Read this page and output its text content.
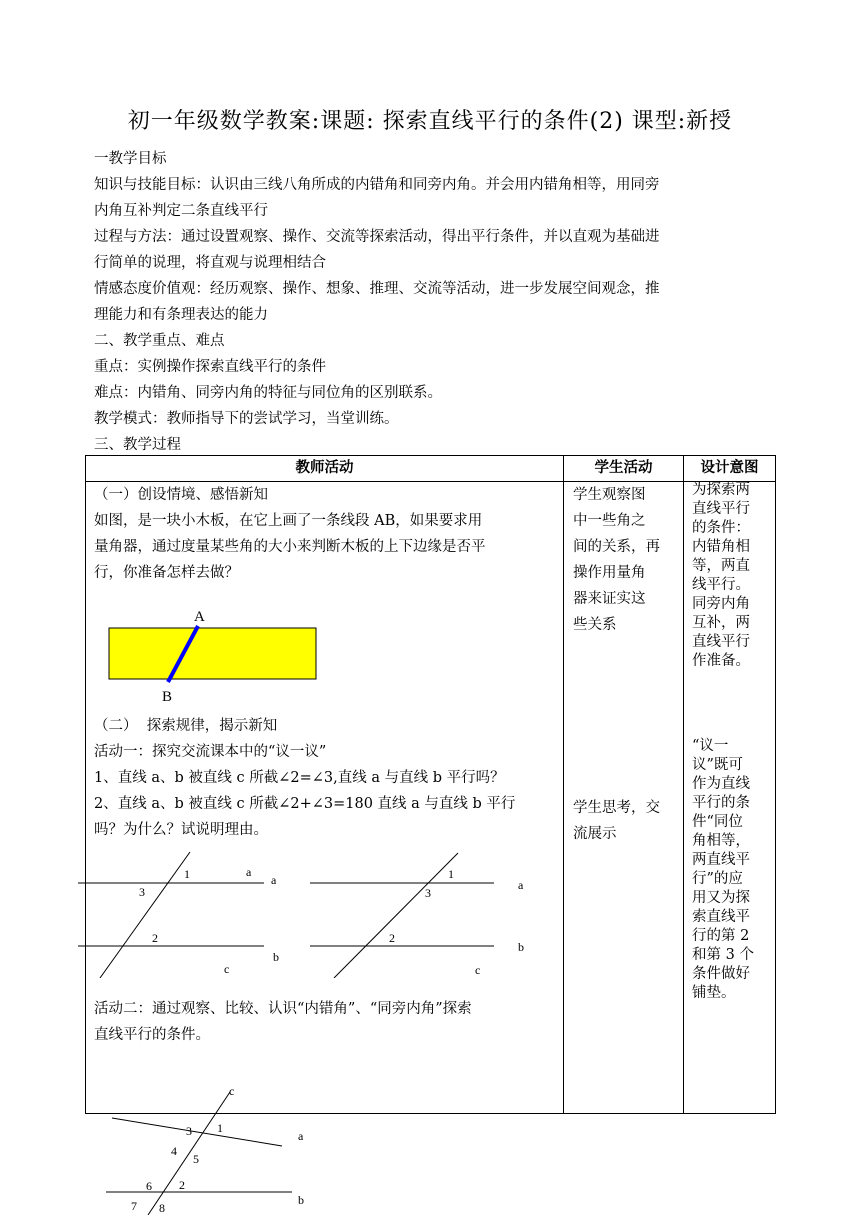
初一年级数学教案:课题: 探索直线平行的条件(2) 课型:新授
一教学目标
知识与技能目标：认识由三线八角所成的内错角和同旁内角。并会用内错角相等，用同旁
内角互补判定二条直线平行
过程与方法：通过设置观察、操作、交流等探索活动，得出平行条件，并以直观为基础进
行简单的说理，将直观与说理相结合
情感态度价值观：经历观察、操作、想象、推理、交流等活动，进一步发展空间观念，推
理能力和有条理表达的能力
二、教学重点、难点
重点：实例操作探索直线平行的条件
难点：内错角、同旁内角的特征与同位角的区别联系。
教学模式：教师指导下的尝试学习，当堂训练。
三、教学过程
教师活动	学生活动	设计意图
（一）创设情境、感悟新知
如图，是一块小木板，在它上画了一条线段 AB，如果要求用
量角器，通过度量某些角的大小来判断木板的上下边缘是否平
行，你准备怎样去做？
A
B
（二）  探索规律，揭示新知
活动一：探究交流课本中的“议一议”
1、直线 a、b 被直线 c 所截∠2=∠3,直线 a 与直线 b 平行吗？
2、直线 a、b 被直线 c 所截∠2+∠3=180 直线 a 与直线 b 平行
吗？为什么？试说明理由。
1
3
2
a
a
b
c
1
3
2
a
b
c
活动二：通过观察、比较、认识“内错角”、“同旁内角”探索
直线平行的条件。
学生观察图
中一些角之
间的关系，再
操作用量角
器来证实这
些关系
学生思考，交
流展示
为探索两
直线平行
的条件：
内错角相
等，两直
线平行。
同旁内角
互补，两
直线平行
作准备。
“议一
议”既可
作为直线
平行的条
件“同位
角相等，
两直线平
行”的应
用又为探
索直线平
行的第 2
和第 3 个
条件做好
铺垫。
c
1
3
4
5
6 2
7 8
a
b
